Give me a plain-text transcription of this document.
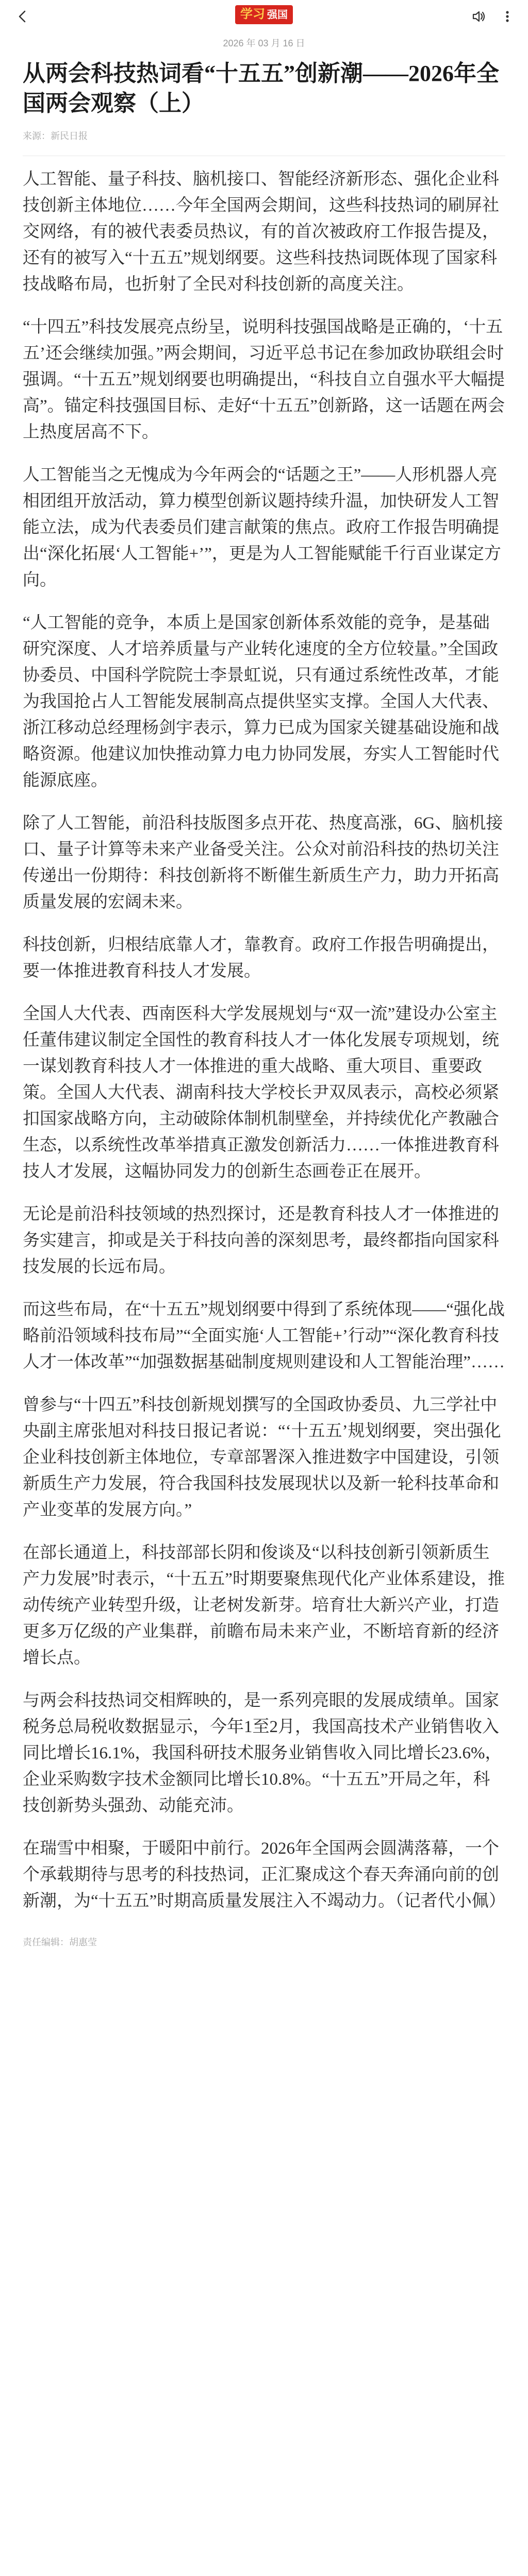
学习 强国
2026 年 03 月 16 日
从两会科技热词看“十五五”创新潮——2026年全国两会观察（上）
来源：新民日报

人工智能、量子科技、脑机接口、智能经济新形态、强化企业科技创新主体地位……今年全国两会期间，这些科技热词的刷屏社交网络，有的被代表委员热议，有的首次被政府工作报告提及，还有的被写入“十五五”规划纲要。这些科技热词既体现了国家科技战略布局，也折射了全民对科技创新的高度关注。

“十四五”科技发展亮点纷呈，说明科技强国战略是正确的，‘十五五’还会继续加强。”两会期间，习近平总书记在参加政协联组会时强调。“十五五”规划纲要也明确提出，“科技自立自强水平大幅提高”。锚定科技强国目标、走好“十五五”创新路，这一话题在两会上热度居高不下。

人工智能当之无愧成为今年两会的“话题之王”——人形机器人亮相团组开放活动，算力模型创新议题持续升温，加快研发人工智能立法，成为代表委员们建言献策的焦点。政府工作报告明确提出“深化拓展‘人工智能+’”，更是为人工智能赋能千行百业谋定方向。

“人工智能的竞争，本质上是国家创新体系效能的竞争，是基础研究深度、人才培养质量与产业转化速度的全方位较量。”全国政协委员、中国科学院院士李景虹说，只有通过系统性改革，才能为我国抢占人工智能发展制高点提供坚实支撑。全国人大代表、浙江移动总经理杨剑宇表示，算力已成为国家关键基础设施和战略资源。他建议加快推动算力电力协同发展，夯实人工智能时代能源底座。

除了人工智能，前沿科技版图多点开花、热度高涨，6G、脑机接口、量子计算等未来产业备受关注。公众对前沿科技的热切关注传递出一份期待：科技创新将不断催生新质生产力，助力开拓高质量发展的宏阔未来。

科技创新，归根结底靠人才，靠教育。政府工作报告明确提出，要一体推进教育科技人才发展。

全国人大代表、西南医科大学发展规划与“双一流”建设办公室主任董伟建议制定全国性的教育科技人才一体化发展专项规划，统一谋划教育科技人才一体推进的重大战略、重大项目、重要政策。全国人大代表、湖南科技大学校长尹双凤表示，高校必须紧扣国家战略方向，主动破除体制机制壁垒，并持续优化产教融合生态，以系统性改革举措真正激发创新活力……一体推进教育科技人才发展，这幅协同发力的创新生态画卷正在展开。

无论是前沿科技领域的热烈探讨，还是教育科技人才一体推进的务实建言，抑或是关于科技向善的深刻思考，最终都指向国家科技发展的长远布局。

而这些布局，在“十五五”规划纲要中得到了系统体现——“强化战略前沿领域科技布局”“全面实施‘人工智能+’行动”“深化教育科技人才一体改革”“加强数据基础制度规则建设和人工智能治理”……

曾参与“十四五”科技创新规划撰写的全国政协委员、九三学社中央副主席张旭对科技日报记者说：“‘十五五’规划纲要，突出强化企业科技创新主体地位，专章部署深入推进数字中国建设，引领新质生产力发展，符合我国科技发展现状以及新一轮科技革命和产业变革的发展方向。”

在部长通道上，科技部部长阴和俊谈及“以科技创新引领新质生产力发展”时表示，“十五五”时期要聚焦现代化产业体系建设，推动传统产业转型升级，让老树发新芽。培育壮大新兴产业，打造更多万亿级的产业集群，前瞻布局未来产业，不断培育新的经济增长点。

与两会科技热词交相辉映的，是一系列亮眼的发展成绩单。国家税务总局税收数据显示，今年1至2月，我国高技术产业销售收入同比增长16.1%，我国科研技术服务业销售收入同比增长23.6%，企业采购数字技术金额同比增长10.8%。“十五五”开局之年，科技创新势头强劲、动能充沛。

在瑞雪中相聚，于暖阳中前行。2026年全国两会圆满落幕，一个个承载期待与思考的科技热词，正汇聚成这个春天奔涌向前的创新潮，为“十五五”时期高质量发展注入不竭动力。（记者代小佩）

责任编辑：胡惠莹
